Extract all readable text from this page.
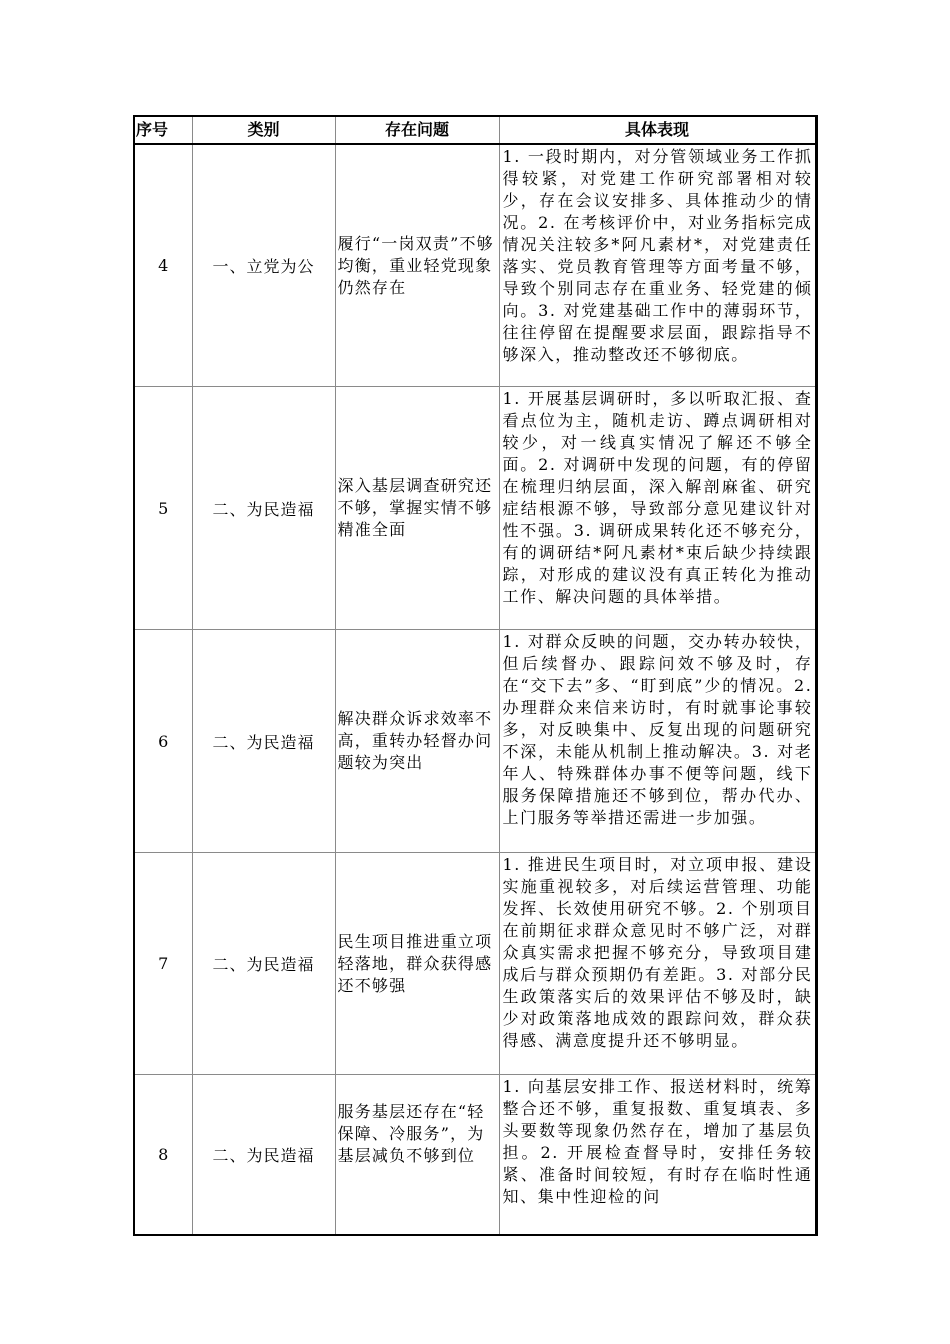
序号	类别	存在问题	具体表现
4	一、立党为公	履行“一岗双责”不够均衡，重业轻党现象仍然存在	1. 一段时期内，对分管领域业务工作抓得较紧，对党建工作研究部署相对较少，存在会议安排多、具体推动少的情况。2. 在考核评价中，对业务指标完成情况关注较多*阿凡素材*，对党建责任落实、党员教育管理等方面考量不够，导致个别同志存在重业务、轻党建的倾向。3. 对党建基础工作中的薄弱环节，往往停留在提醒要求层面，跟踪指导不够深入，推动整改还不够彻底。
5	二、为民造福	深入基层调查研究还不够，掌握实情不够精准全面	1. 开展基层调研时，多以听取汇报、查看点位为主，随机走访、蹲点调研相对较少，对一线真实情况了解还不够全面。2. 对调研中发现的问题，有的停留在梳理归纳层面，深入解剖麻雀、研究症结根源不够，导致部分意见建议针对性不强。3. 调研成果转化还不够充分，有的调研结*阿凡素材*束后缺少持续跟踪，对形成的建议没有真正转化为推动工作、解决问题的具体举措。
6	二、为民造福	解决群众诉求效率不高，重转办轻督办问题较为突出	1. 对群众反映的问题，交办转办较快，但后续督办、跟踪问效不够及时，存在“交下去”多、“盯到底”少的情况。2. 办理群众来信来访时，有时就事论事较多，对反映集中、反复出现的问题研究不深，未能从机制上推动解决。3. 对老年人、特殊群体办事不便等问题，线下服务保障措施还不够到位，帮办代办、上门服务等举措还需进一步加强。
7	二、为民造福	民生项目推进重立项轻落地，群众获得感还不够强	1. 推进民生项目时，对立项申报、建设实施重视较多，对后续运营管理、功能发挥、长效使用研究不够。2. 个别项目在前期征求群众意见时不够广泛，对群众真实需求把握不够充分，导致项目建成后与群众预期仍有差距。3. 对部分民生政策落实后的效果评估不够及时，缺少对政策落地成效的跟踪问效，群众获得感、满意度提升还不够明显。
8	二、为民造福	服务基层还存在“轻保障、冷服务”，为基层减负不够到位	1. 向基层安排工作、报送材料时，统筹整合还不够，重复报数、重复填表、多头要数等现象仍然存在，增加了基层负担。2. 开展检查督导时，安排任务较紧、准备时间较短，有时存在临时性通知、集中性迎检的问
